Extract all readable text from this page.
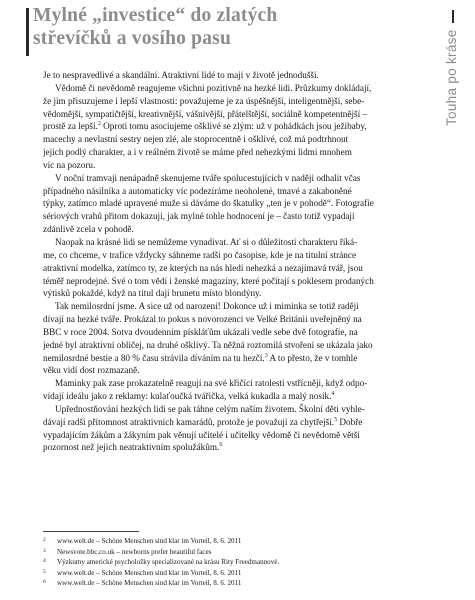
Mylné „investice“ do zlatých
střevíčků a vosího pasu	Touha po kráse
Je to nespravedlivé a skandální. Atraktivní lidé to mají v životě jednodušší.
Vědomě či nevědomě reagujeme všichni pozitivně na hezké lidi. Průzkumy dokládají,
že jim přisuzujeme i lepší vlastnosti: považujeme je za úspěšnější, inteligentnější, sebe-
vědomější, sympatičtější, kreativnější, vášnivější, přátelštější, sociálně kompetentnější –
prostě za lepší.$^2$ Oproti tomu asociujeme ošklivé se zlým: už v pohádkách jsou ježibaby,
macechy a nevlastní sestry nejen zlé, ale stoprocentně i ošklivé, což má podtrhnout
jejich podlý charakter, a i v reálném životě se máme před nehezkými lidmi mnohem
víc na pozoru.
V noční tramvaji nenápadně skenujeme tváře spolucestujících v naději odhalit včas
případného násilníka a automaticky víc podezíráme neoholené, tmavé a zakaboněné
týpky, zatímco mladé upravené muže si dáváme do škatulky „ten je v pohodě“. Fotografie
sériových vrahů přitom dokazují, jak mylné tohle hodnocení je – často totiž vypadají
zdánlivě zcela v pohodě.
Naopak na krásné lidi se nemůžeme vynadívat. Ať si o důležitosti charakteru říká-
me, co chceme, v trafice vždycky sáhneme radši po časopise, kde je na titulní stránce
atraktivní modelka, zatímco ty, ze kterých na nás hledí nehezká a nezajímavá tvář, jsou
téměř neprodejné. Své o tom vědí i ženské magazíny, které počítají s poklesem prodaných
výtisků pokaždé, když na titul dají brunetu místo blondýny.
Tak nemilosrdní jsme. A sice už od narození! Dokonce už i miminka se totiž raději
dívají na hezké tváře. Prokázal to pokus s novorozenci ve Velké Británii uveřejněný na
BBC v roce 2004. Sotva dvoudenním pískláťům ukázali vedle sebe dvě fotografie, na
jedné byl atraktivní obličej, na druhé ošklivý. Ta něžná roztomilá stvoření se ukázala jako
nemilosrdné bestie a 80 % času strávila díváním na tu hezčí.$^3$ A to přesto, že v tomhle
věku vidí dost rozmazaně.
Maminky pak zase prokazatelně reagují na své křičící ratolesti vstřícněji, když odpo-
vídají ideálu jako z reklamy: kulaťoučká tvářička, velká kukadla a malý nosík.$^4$
Upřednostňování hezkých lidí se pak táhne celým naším životem. Školní děti vyhle-
dávají radši přítomnost atraktivních kamarádů, protože je považují za chytřejší.$^5$ Dobře
vypadajícím žákům a žákyním pak věnují učitelé i učitelky vědomě či nevědomě větší
pozornost než jejich neatraktivním spolužákům.$^6$
2 www.welt.de – Schöne Menschen sind klar im Vorteil, 8. 6. 2011
3 Newsvote.bbc.co.uk – newborns prefer beautiful faces
4 Výzkumy americké psycholožky specializované na krásu Rity Freedmannové.
5 www.welt.de – Schöne Menschen sind klar im Vorteil, 8. 6. 2011
6 www.welt.de – Schöne Menschen sind klar im Vorteil, 8. 6. 2011
